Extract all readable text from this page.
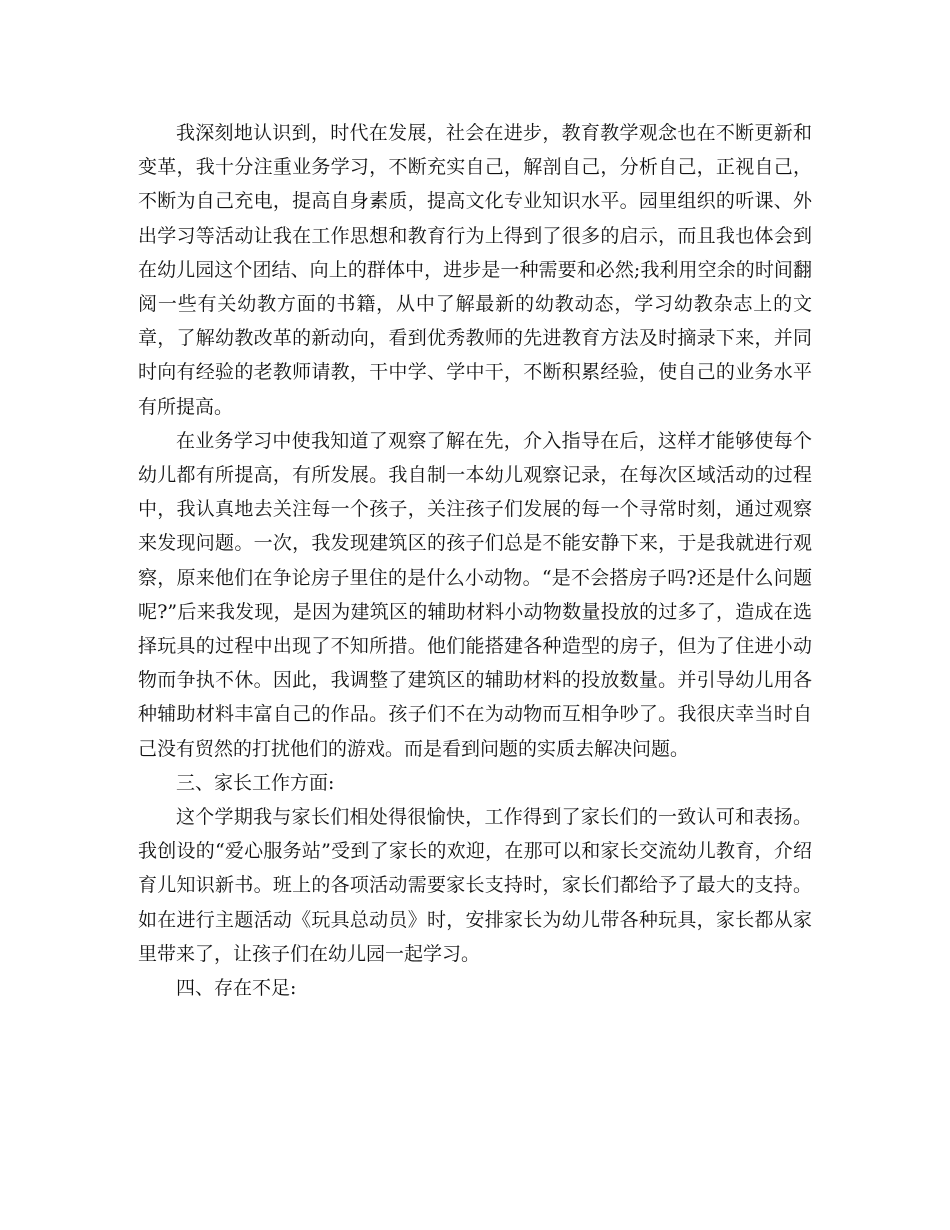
我深刻地认识到，时代在发展，社会在进步，教育教学观念也在不断更新和变革，我十分注重业务学习，不断充实自己，解剖自己，分析自己，正视自己，不断为自己充电，提高自身素质，提高文化专业知识水平。园里组织的听课、外出学习等活动让我在工作思想和教育行为上得到了很多的启示，而且我也体会到在幼儿园这个团结、向上的群体中，进步是一种需要和必然;我利用空余的时间翻阅一些有关幼教方面的书籍，从中了解最新的幼教动态，学习幼教杂志上的文章，了解幼教改革的新动向，看到优秀教师的先进教育方法及时摘录下来，并同时向有经验的老教师请教，干中学、学中干，不断积累经验，使自己的业务水平有所提高。

在业务学习中使我知道了观察了解在先，介入指导在后，这样才能够使每个幼儿都有所提高，有所发展。我自制一本幼儿观察记录，在每次区域活动的过程中，我认真地去关注每一个孩子，关注孩子们发展的每一个寻常时刻，通过观察来发现问题。一次，我发现建筑区的孩子们总是不能安静下来，于是我就进行观察，原来他们在争论房子里住的是什么小动物。“是不会搭房子吗?还是什么问题呢?”后来我发现，是因为建筑区的辅助材料小动物数量投放的过多了，造成在选择玩具的过程中出现了不知所措。他们能搭建各种造型的房子，但为了住进小动物而争执不休。因此，我调整了建筑区的辅助材料的投放数量。并引导幼儿用各种辅助材料丰富自己的作品。孩子们不在为动物而互相争吵了。我很庆幸当时自己没有贸然的打扰他们的游戏。而是看到问题的实质去解决问题。

三、家长工作方面:

这个学期我与家长们相处得很愉快，工作得到了家长们的一致认可和表扬。我创设的“爱心服务站”受到了家长的欢迎，在那可以和家长交流幼儿教育，介绍育儿知识新书。班上的各项活动需要家长支持时，家长们都给予了最大的支持。如在进行主题活动《玩具总动员》时，安排家长为幼儿带各种玩具，家长都从家里带来了，让孩子们在幼儿园一起学习。

四、存在不足:
